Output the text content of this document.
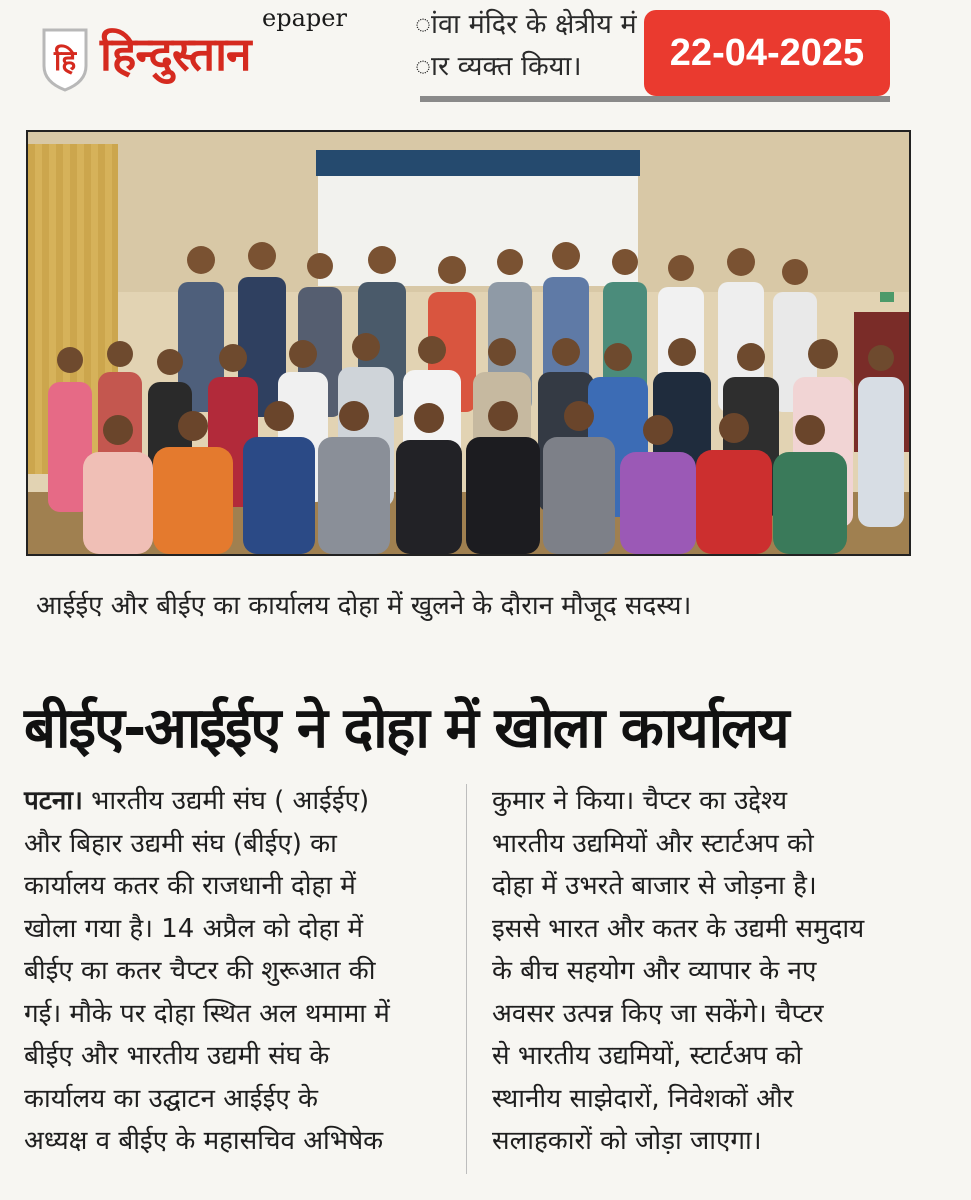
हि
epaper
हिन्दुस्तान
ांवा मंदिर के क्षेत्रीय मं
ार व्यक्त किया।	22-04-2025
आईईए और बीईए का कार्यालय दोहा में खुलने के दौरान मौजूद सदस्य।
बीईए-आईईए ने दोहा में खोला कार्यालय

पटना। भारतीय उद्यमी संघ ( आईईए)

और बिहार उद्यमी संघ (बीईए) का

कार्यालय कतर की राजधानी दोहा में

खोला गया है। 14 अप्रैल को दोहा में

बीईए का कतर चैप्टर की शुरूआत की

गई। मौके पर दोहा स्थित अल थमामा में

बीईए और भारतीय उद्यमी संघ के

कार्यालय का उद्घाटन आईईए के

अध्यक्ष व बीईए के महासचिव अभिषेक

कुमार ने किया। चैप्टर का उद्देश्य

भारतीय उद्यमियों और स्टार्टअप को

दोहा में उभरते बाजार से जोड़ना है।

इससे भारत और कतर के उद्यमी समुदाय

के बीच सहयोग और व्यापार के नए

अवसर उत्पन्न किए जा सकेंगे। चैप्टर

से भारतीय उद्यमियों, स्टार्टअप को

स्थानीय साझेदारों, निवेशकों और

सलाहकारों को जोड़ा जाएगा।
